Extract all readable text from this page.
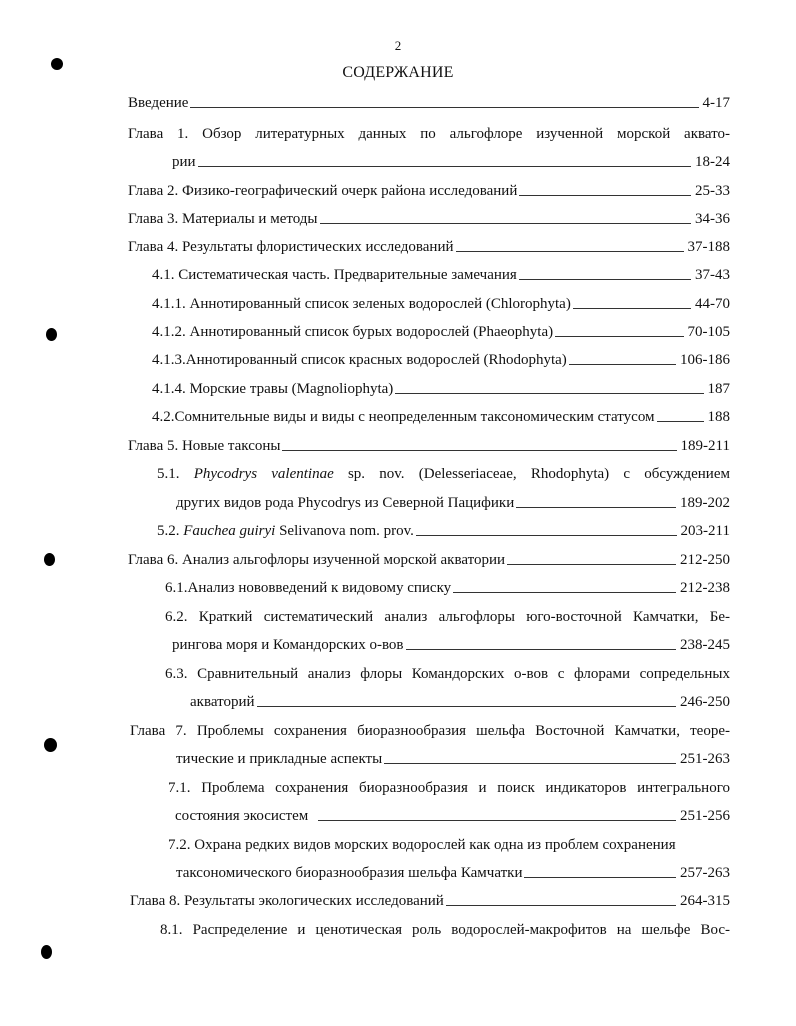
2
СОДЕРЖАНИЕ
Введение	4-17
Глава 1. Обзор литературных данных по альгофлоре изученной морской аквато-
рии	18-24
Глава 2. Физико-географический очерк района исследований	25-33
Глава 3. Материалы и методы	34-36
Глава 4. Результаты флористических исследований	37-188
4.1. Систематическая часть. Предварительные замечания	37-43
4.1.1. Аннотированный список зеленых водорослей (Chlorophyta)	44-70
4.1.2. Аннотированный список бурых водорослей (Phaeophyta)	70-105
4.1.3.Аннотированный список красных водорослей (Rhodophyta)	106-186
4.1.4. Морские травы (Magnoliophyta)	187
4.2.Сомнительные виды и виды с неопределенным таксономическим статусом	188
Глава 5. Новые таксоны	189-211
5.1. Phycodrys valentinae sp. nov. (Delesseriaceae, Rhodophyta) с обсуждением
других видов рода Phycodrys из Северной Пацифики	189-202
5.2. Fauchea guiryi Selivanova nom. prov.	203-211
Глава 6. Анализ альгофлоры изученной морской акватории	212-250
6.1.Анализ нововведений к видовому списку	212-238
6.2. Краткий систематический анализ альгофлоры юго-восточной Камчатки, Бе-
рингова моря и Командорских о-вов	238-245
6.3. Сравнительный анализ флоры Командорских о-вов с флорами сопредельных
акваторий	246-250
Глава 7. Проблемы сохранения биоразнообразия шельфа Восточной Камчатки, теоре-
тические и прикладные аспекты	251-263
7.1. Проблема сохранения биоразнообразия и поиск индикаторов интегрального
состояния экосистем	251-256
7.2. Охрана редких видов морских водорослей как одна из проблем сохранения
таксономического биоразнообразия шельфа Камчатки	257-263
Глава 8. Результаты экологических исследований	264-315
8.1. Распределение и ценотическая роль водорослей-макрофитов на шельфе Вос-
